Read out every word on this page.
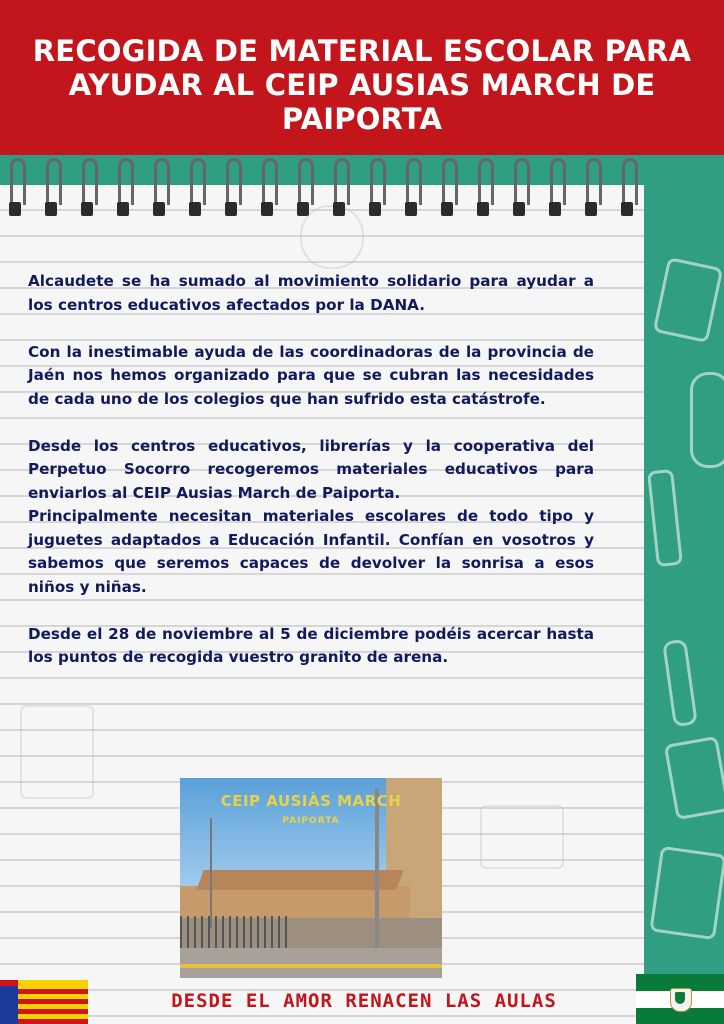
RECOGIDA DE MATERIAL ESCOLAR PARA AYUDAR AL CEIP AUSIAS MARCH DE PAIPORTA

Alcaudete se ha sumado al movimiento solidario para ayudar a los centros educativos afectados por la DANA.

Con la inestimable ayuda de las coordinadoras de la provincia de Jaén nos hemos organizado para que se cubran las necesidades de cada uno de los colegios que han sufrido esta catástrofe.

Desde los centros educativos, librerías y la cooperativa del Perpetuo Socorro recogeremos materiales educativos para enviarlos al CEIP Ausias March de Paiporta.

Principalmente necesitan materiales escolares de todo tipo y juguetes adaptados a Educación Infantil. Confían en vosotros y sabemos que seremos capaces de devolver la sonrisa a esos niños y niñas.

Desde el 28 de noviembre al 5 de diciembre podéis acercar hasta los puntos de recogida vuestro granito de arena.

CEIP AUSIÀS MARCH
PAIPORTA
DESDE EL AMOR RENACEN LAS AULAS
